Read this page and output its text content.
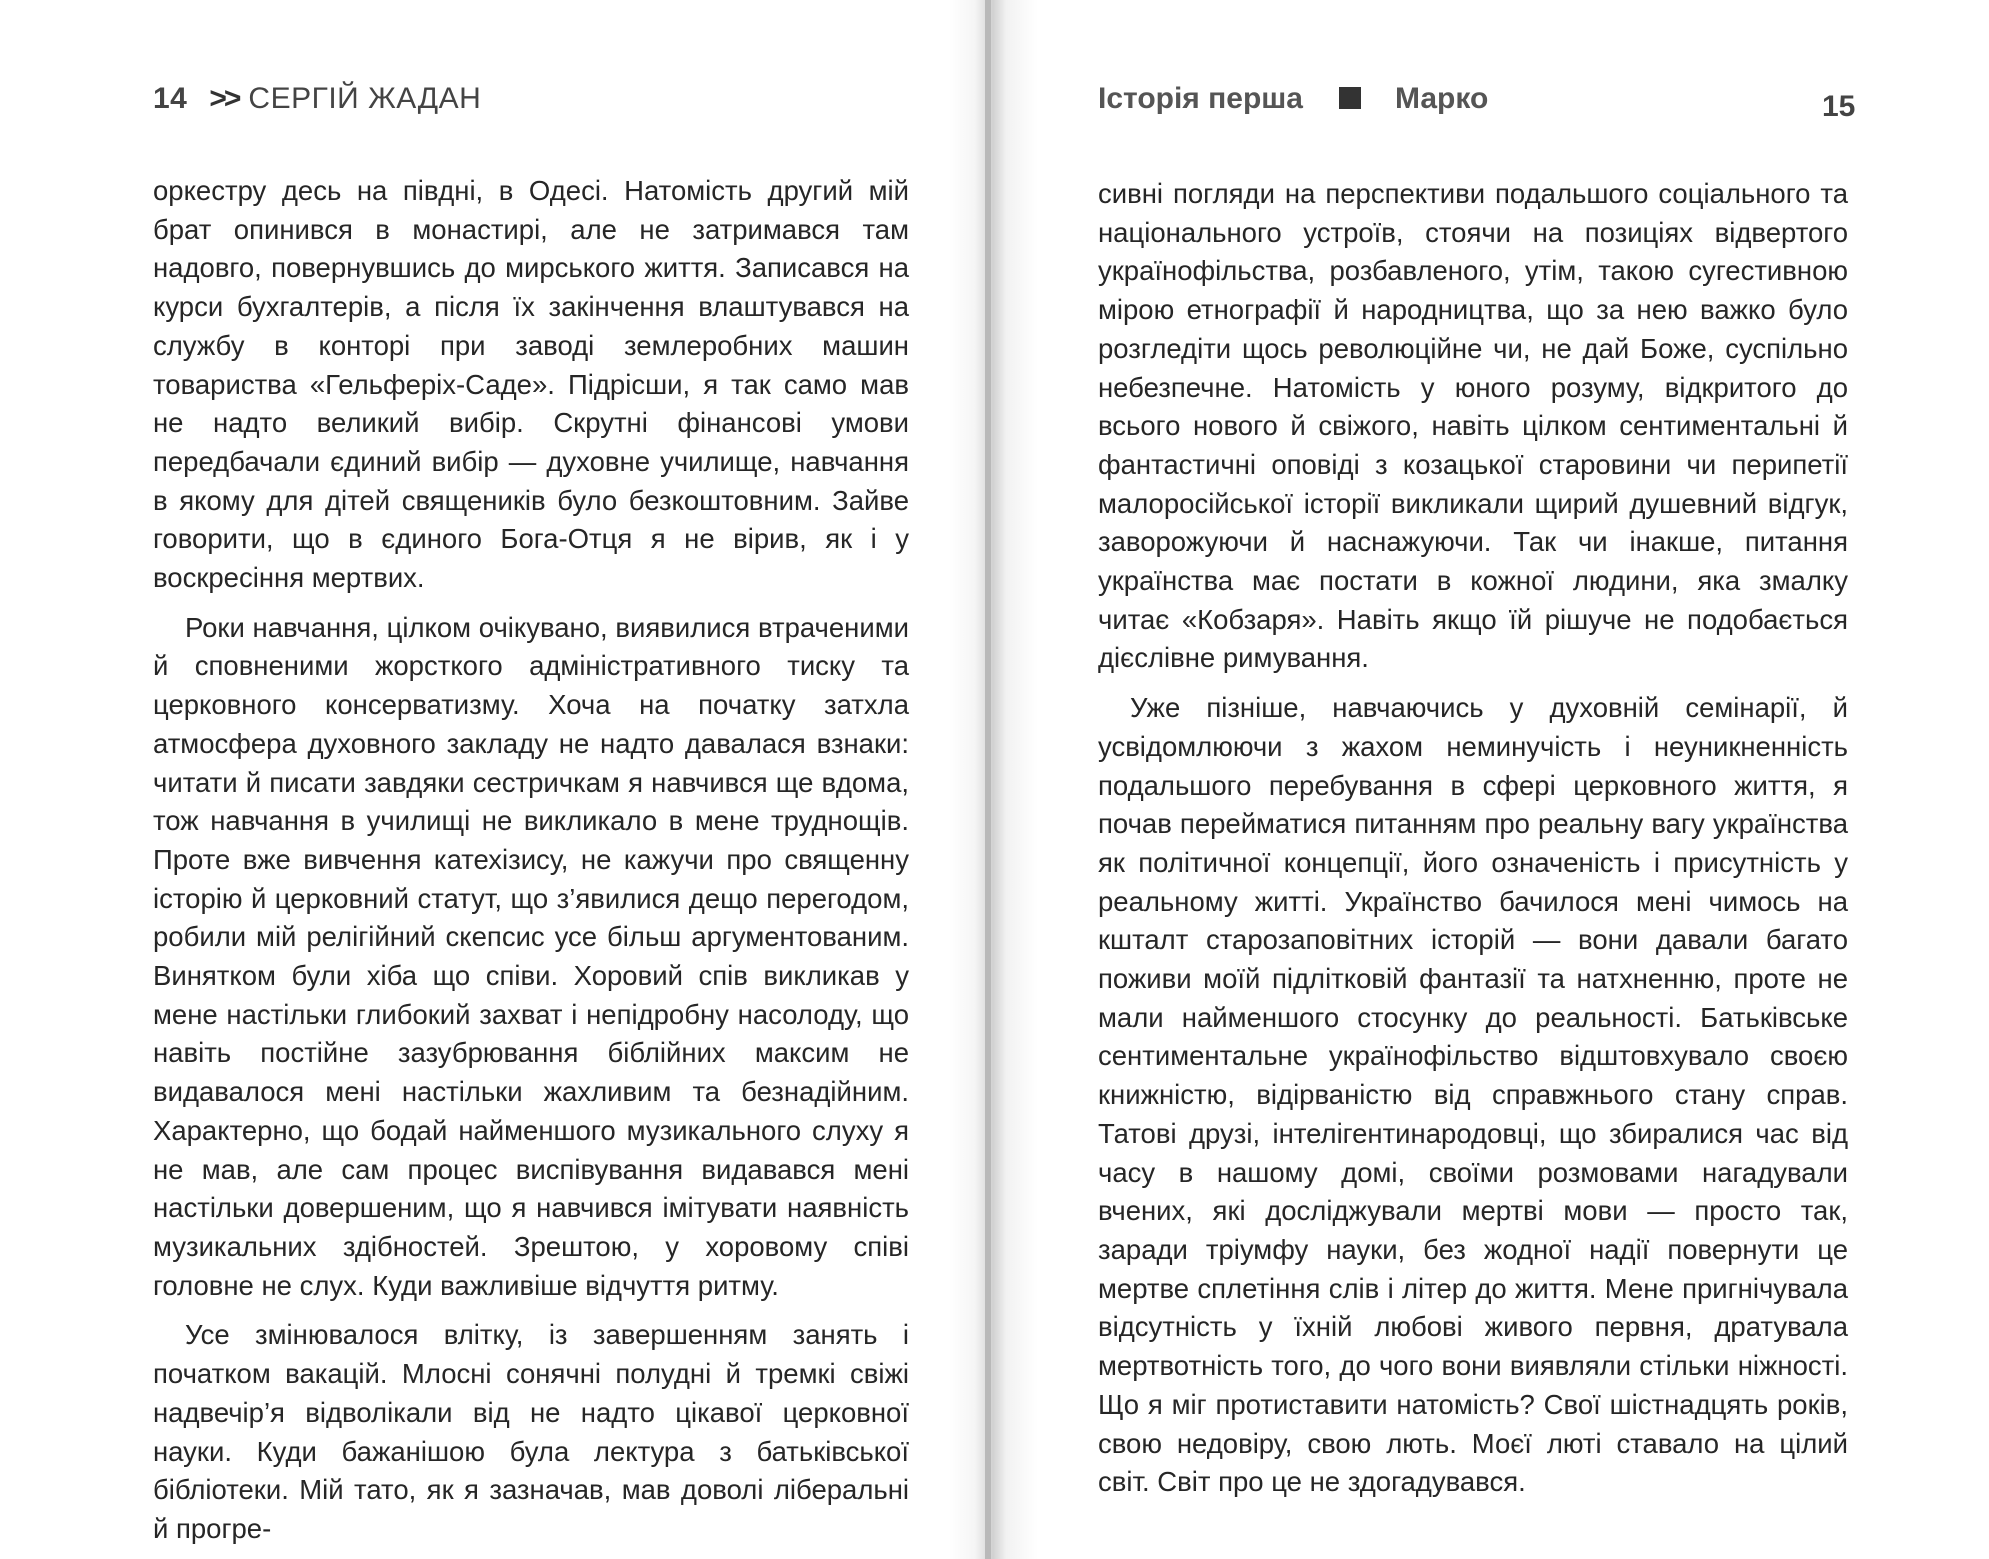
14 >> СЕРГІЙ ЖАДАН

оркестру десь на півдні, в Одесі. Натомість другий мій брат опинився в монастирі, але не затримався там надовго, повернувшись до мирського життя. Записався на курси бухгалтерів, а після їх закінчення влаштувався на службу в конторі при заводі землеробних машин товариства «Гельферіх-Саде». Підрісши, я так само мав не надто великий вибір. Скрутні фінансові умови передбачали єдиний вибір — духовне училище, навчання в якому для дітей священиків було безкоштовним. Зайве говорити, що в єдиного Бога-Отця я не вірив, як і у воскресіння мертвих.

Роки навчання, цілком очікувано, виявилися втраченими й сповненими жорсткого адміністративного тиску та церковного консерватизму. Хоча на початку затхла атмосфера духовного закладу не надто давалася взнаки: читати й писати завдяки сестричкам я навчився ще вдома, тож навчання в училищі не викликало в мене труднощів. Проте вже вивчення катехізису, не кажучи про священну історію й церковний статут, що з’явилися дещо перегодом, робили мій релігійний скепсис усе більш аргументованим. Винятком були хіба що співи. Хоровий спів викликав у мене настільки глибокий захват і непідробну насолоду, що навіть постійне зазубрювання біблійних максим не видавалося мені настільки жахливим та безнадійним. Характерно, що бодай найменшого музикального слуху я не мав, але сам процес виспівування видавався мені настільки довершеним, що я навчився імітувати наявність музикальних здібностей. Зрештою, у хоровому співі головне не слух. Куди важливіше відчуття ритму.

Усе змінювалося влітку, із завершенням занять і початком вакацій. Млосні сонячні полудні й тремкі свіжі надвечір’я відволікали від не надто цікавої церковної науки. Куди бажанішою була лектура з батьківської бібліотеки. Мій тато, як я зазначав, мав доволі ліберальні й прогре-

Історія перша	Марко	15

сивні погляди на перспективи подальшого соціального та національного устроїв, стоячи на позиціях відвертого українофільства, розбавленого, утім, такою сугестивною мірою етнографії й народництва, що за нею важко було розгледіти щось революційне чи, не дай Боже, суспільно небезпечне. Натомість у юного розуму, відкритого до всього нового й свіжого, навіть цілком сентиментальні й фантастичні оповіді з козацької старовини чи перипетії малоросійської історії викликали щирий душевний відгук, заворожуючи й наснажуючи. Так чи інакше, питання українства має постати в кожної людини, яка змалку читає «Кобзаря». Навіть якщо їй рішуче не подобається дієслівне римування.

Уже пізніше, навчаючись у духовній семінарії, й усвідомлюючи з жахом неминучість і неуникненність подальшого перебування в сфері церковного життя, я почав перейматися питанням про реальну вагу українства як політичної концепції, його означеність і присутність у реальному житті. Українство бачилося мені чимось на кшталт старозаповітних історій — вони давали багато поживи моїй підлітковій фантазії та натхненню, проте не мали найменшого стосунку до реальності. Батьківське сентиментальне українофільство відштовхувало своєю книжністю, відірваністю від справжнього стану справ. Татові друзі, інтелігентинародовці, що збиралися час від часу в нашому домі, своїми розмовами нагадували вчених, які досліджували мертві мови — просто так, заради тріумфу науки, без жодної надії повернути це мертве сплетіння слів і літер до життя. Мене пригнічувала відсутність у їхній любові живого первня, дратувала мертвотність того, до чого вони виявляли стільки ніжності. Що я міг протиставити натомість? Свої шістнадцять років, свою недовіру, свою лють. Моєї люті ставало на цілий світ. Світ про це не здогадувався.
